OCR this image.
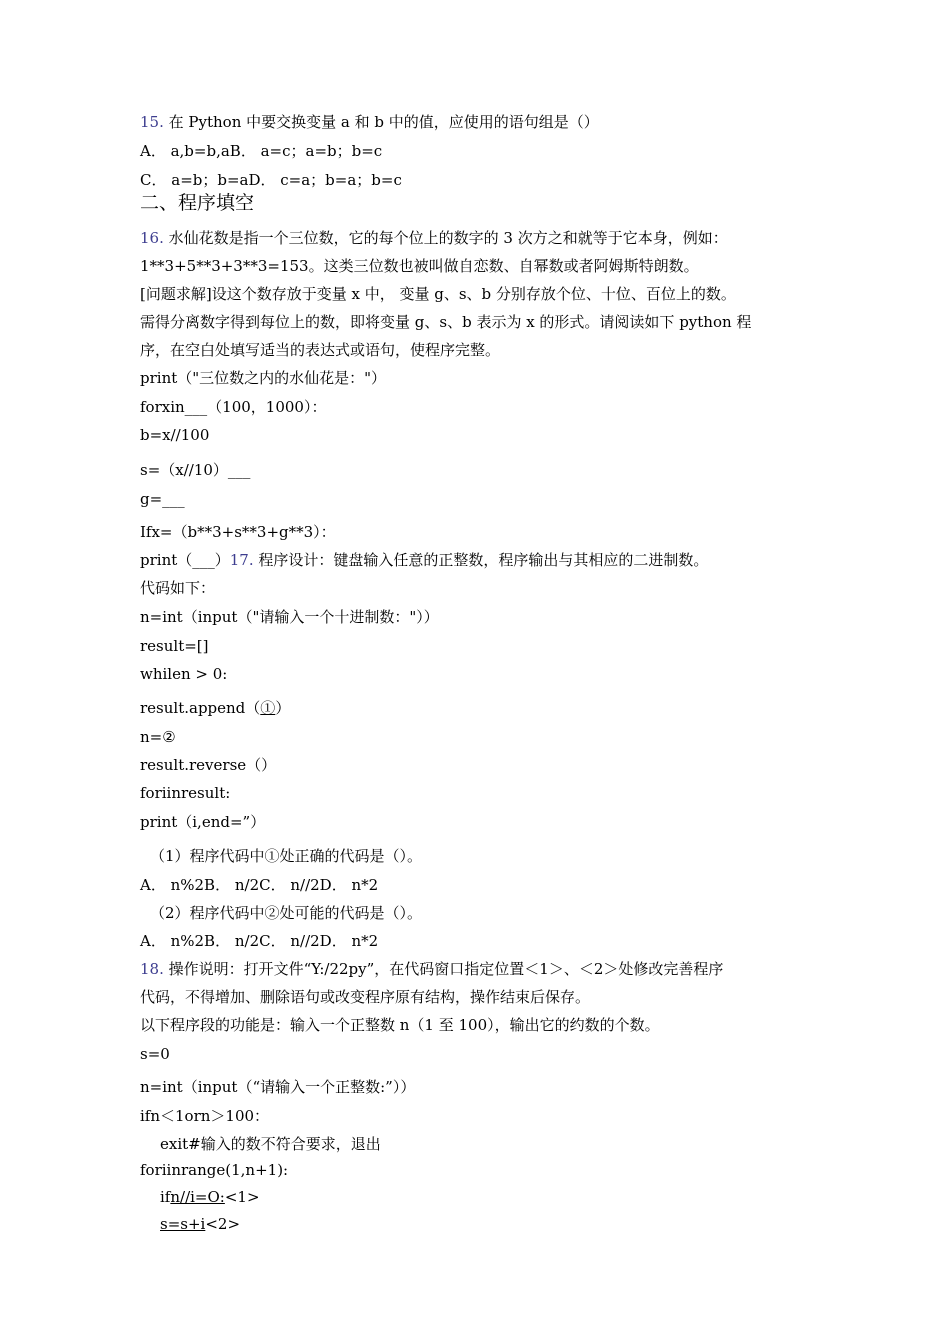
15. 在 Python 中要交换变量 a 和 b 中的值，应使用的语句组是（）
A． a,b=b,aB． a=c；a=b；b=c
C． a=b；b=aD． c=a；b=a；b=c
二、程序填空
16. 水仙花数是指一个三位数，它的每个位上的数字的 3 次方之和就等于它本身，例如：
1**3+5**3+3**3=153。这类三位数也被叫做自恋数、自幂数或者阿姆斯特朗数。
[问题求解]设这个数存放于变量 x 中， 变量 g、s、b 分别存放个位、十位、百位上的数。
需得分离数字得到每位上的数，即将变量 g、s、b 表示为 x 的形式。请阅读如下 python 程
序，在空白处填写适当的表达式或语句，使程序完整。
print（"三位数之内的水仙花是："）
forxin___（100，1000）：
b=x//100
s=（x//10）___
g=___
Ifx=（b**3+s**3+g**3）：
print（___）17. 程序设计：键盘输入任意的正整数，程序输出与其相应的二进制数。
代码如下：
n=int（input（"请输入一个十进制数："））
result=[]
whilen > 0:
result.append（①）
n=②
result.reverse（）
foriinresult:
print（i,end=”）
（1）程序代码中①处正确的代码是（）。
A． n%2B． n/2C． n//2D． n*2
（2）程序代码中②处可能的代码是（）。
A． n%2B． n/2C． n//2D． n*2
18. 操作说明：打开文件“Y:/22py”，在代码窗口指定位置＜1＞、＜2＞处修改完善程序
代码，不得增加、删除语句或改变程序原有结构，操作结束后保存。
以下程序段的功能是：输入一个正整数 n（1 至 100），输出它的约数的个数。
s=0
n=int（input（“请输入一个正整数:”））
ifn＜1orn＞100：
exit#输入的数不符合要求，退出
foriinrange(1,n+1):
ifn//i=O:<1>
s=s+i<2>
